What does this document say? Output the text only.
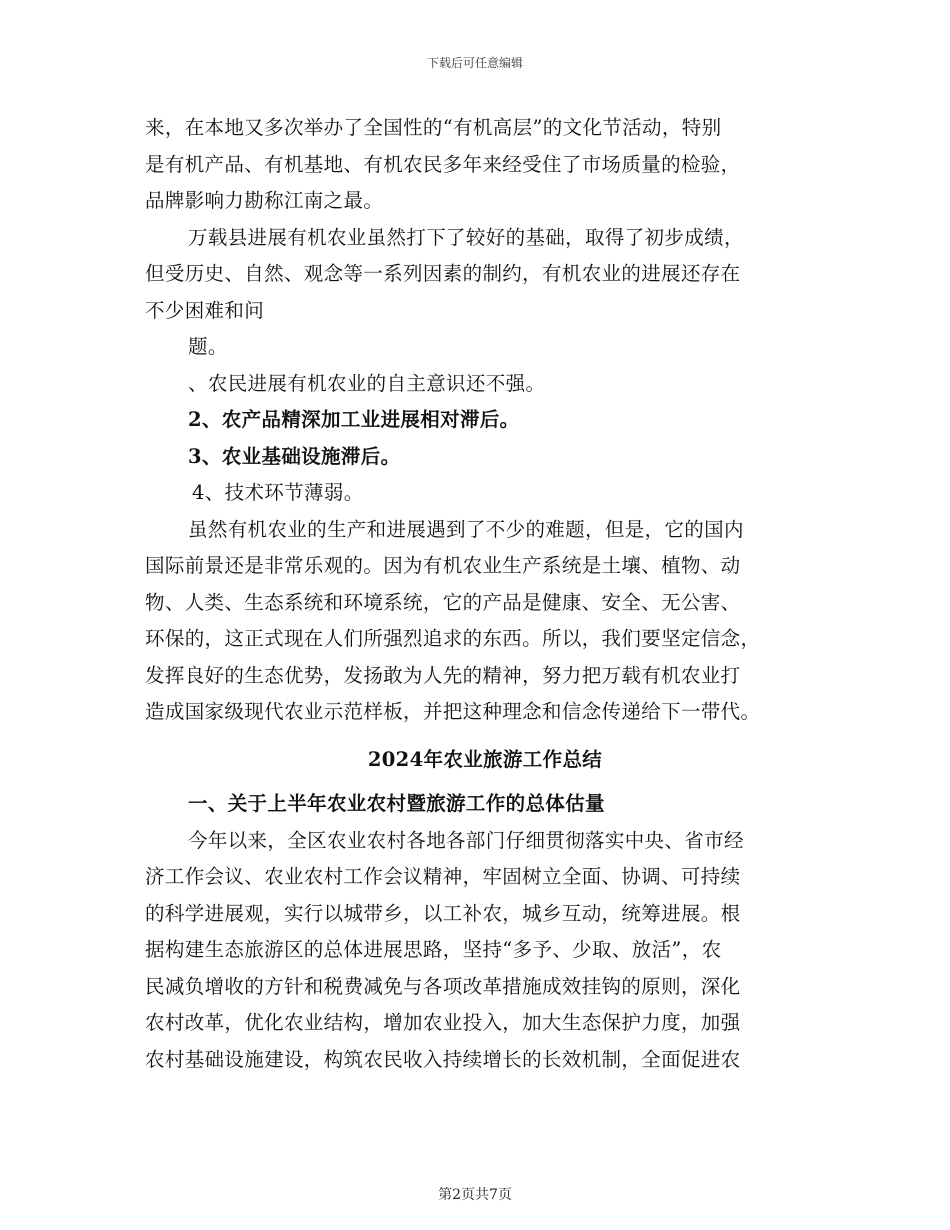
下载后可任意编辑
来，在本地又多次举办了全国性的“有机高层”的文化节活动，特别
是有机产品、有机基地、有机农民多年来经受住了市场质量的检验，
品牌影响力勘称江南之最。
万载县进展有机农业虽然打下了较好的基础，取得了初步成绩，
但受历史、自然、观念等一系列因素的制约，有机农业的进展还存在
不少困难和问
题。
、农民进展有机农业的自主意识还不强。
2、农产品精深加工业进展相对滞后。
3、农业基础设施滞后。
4、技术环节薄弱。
虽然有机农业的生产和进展遇到了不少的难题，但是，它的国内
国际前景还是非常乐观的。因为有机农业生产系统是土壤、植物、动
物、人类、生态系统和环境系统，它的产品是健康、安全、无公害、
环保的，这正式现在人们所强烈追求的东西。所以，我们要坚定信念，
发挥良好的生态优势，发扬敢为人先的精神，努力把万载有机农业打
造成国家级现代农业示范样板，并把这种理念和信念传递给下一带代。
2024年农业旅游工作总结
一、关于上半年农业农村暨旅游工作的总体估量
今年以来，全区农业农村各地各部门仔细贯彻落实中央、省市经
济工作会议、农业农村工作会议精神，牢固树立全面、协调、可持续
的科学进展观，实行以城带乡，以工补农，城乡互动，统筹进展。根
据构建生态旅游区的总体进展思路，坚持“多予、少取、放活”，农
民减负增收的方针和税费减免与各项改革措施成效挂钩的原则，深化
农村改革，优化农业结构，增加农业投入，加大生态保护力度，加强
农村基础设施建设，构筑农民收入持续增长的长效机制，全面促进农
第2页共7页
